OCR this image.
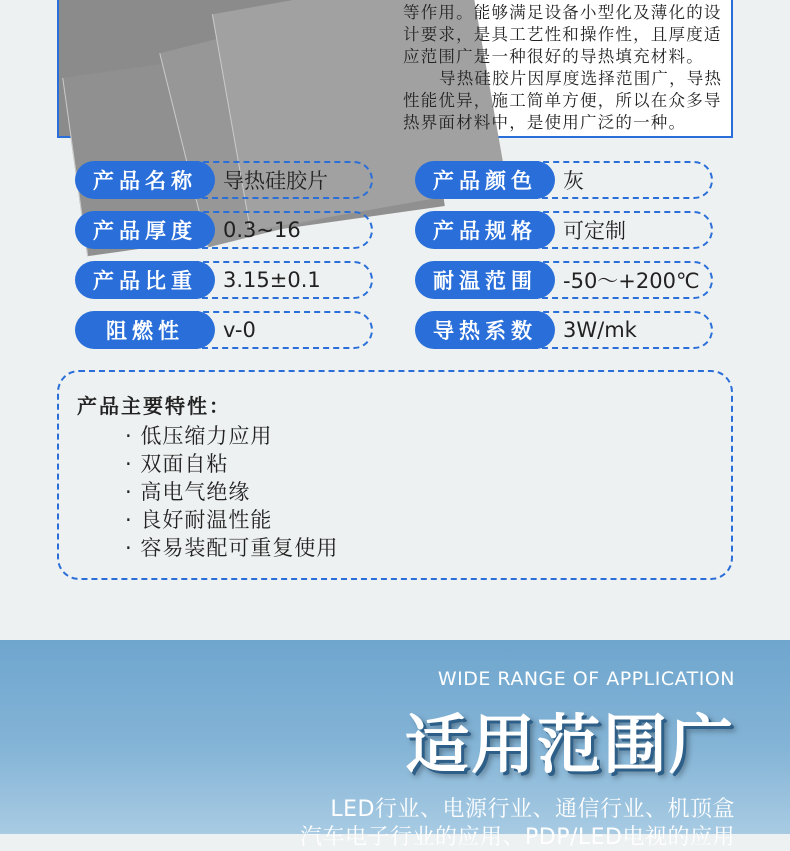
等作用。能够满足设备小型化及薄化的设计要求，是具工艺性和操作性，且厚度适应范围广是一种很好的导热填充材料。

导热硅胶片因厚度选择范围广，导热性能优异，施工简单方便，所以在众多导热界面材料中，是使用广泛的一种。

产品名称	导热硅胶片	产品颜色	灰
产品厚度	0.3~16	产品规格	可定制
产品比重	3.15±0.1	耐温范围	-50～+200℃
阻燃性	v-0	导热系数	3W/mk
产品主要特性：
· 低压缩力应用
· 双面自粘
· 高电气绝缘
· 良好耐温性能
· 容易装配可重复使用
WIDE RANGE OF APPLICATION
适用范围广
LED行业、电源行业、通信行业、机顶盒
汽车电子行业的应用、PDP/LED电视的应用
